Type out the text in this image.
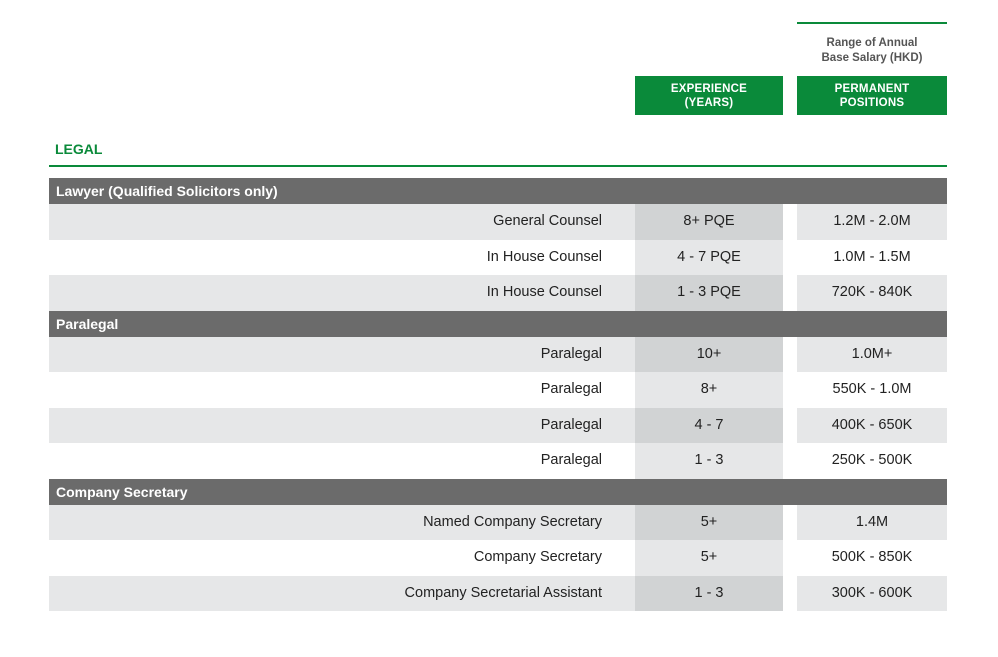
Range of Annual
Base Salary (HKD)
EXPERIENCE
(YEARS)
PERMANENT
POSITIONS
LEGAL
Lawyer (Qualified Solicitors only)
General Counsel	8+ PQE	1.2M - 2.0M
In House Counsel	4 - 7 PQE	1.0M - 1.5M
In House Counsel	1 - 3 PQE	720K - 840K
Paralegal
Paralegal	10+	1.0M+
Paralegal	8+	550K - 1.0M
Paralegal	4 - 7	400K - 650K
Paralegal	1 - 3	250K - 500K
Company Secretary
Named Company Secretary	5+	1.4M
Company Secretary	5+	500K - 850K
Company Secretarial Assistant	1 - 3	300K - 600K
